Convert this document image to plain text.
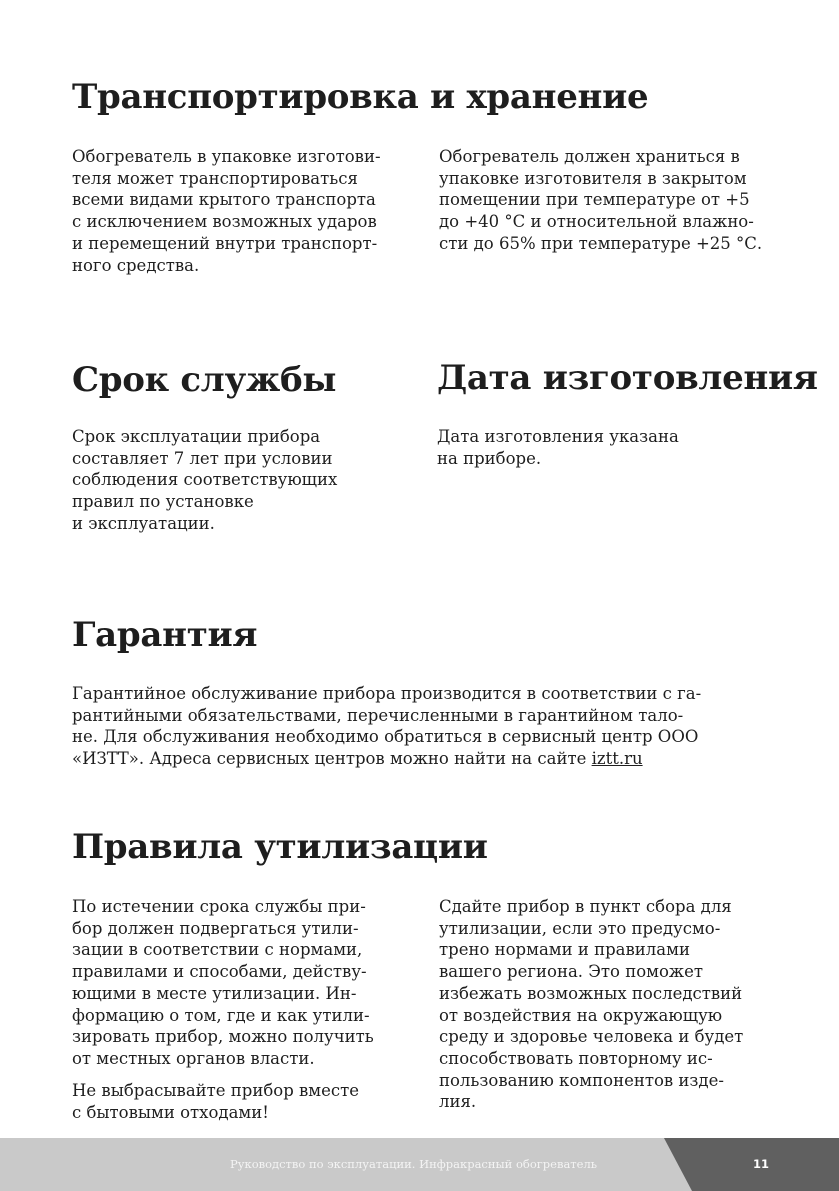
Транспортировка и хранение
Обогреватель в упаковке изготови-
теля может транспортироваться
всеми видами крытого транспорта
с исключением возможных ударов
и перемещений внутри транспорт-
ного средства.
Обогреватель должен храниться в
упаковке изготовителя в закрытом
помещении при температуре от +5
до +40 °С и относительной влажно-
сти до 65% при температуре +25 °С.
Срок службы
Срок эксплуатации прибора
составляет 7 лет при условии
соблюдения соответствующих
правил по установке
и эксплуатации.
Дата изготовления
Дата изготовления указана
на приборе.
Гарантия
Гарантийное обслуживание прибора производится в соответствии с га-
рантийными обязательствами, перечисленными в гарантийном тало-
не. Для обслуживания необходимо обратиться в сервисный центр ООО
«ИЗТТ». Адреса сервисных центров можно найти на сайте iztt.ru
Правила утилизации
По истечении срока службы при-
бор должен подвергаться утили-
зации в соответствии с нормами,
правилами и способами, действу-
ющими в месте утилизации. Ин-
формацию о том, где и как утили-
зировать прибор, можно получить
от местных органов власти.
Не выбрасывайте прибор вместе
с бытовыми отходами!
Сдайте прибор в пункт сбора для
утилизации, если это предусмо-
трено нормами и правилами
вашего региона. Это поможет
избежать возможных последствий
от воздействия на окружающую
среду и здоровье человека и будет
способствовать повторному ис-
пользованию компонентов изде-
лия.
Руководство по эксплуатации. Инфракрасный обогреватель	11
